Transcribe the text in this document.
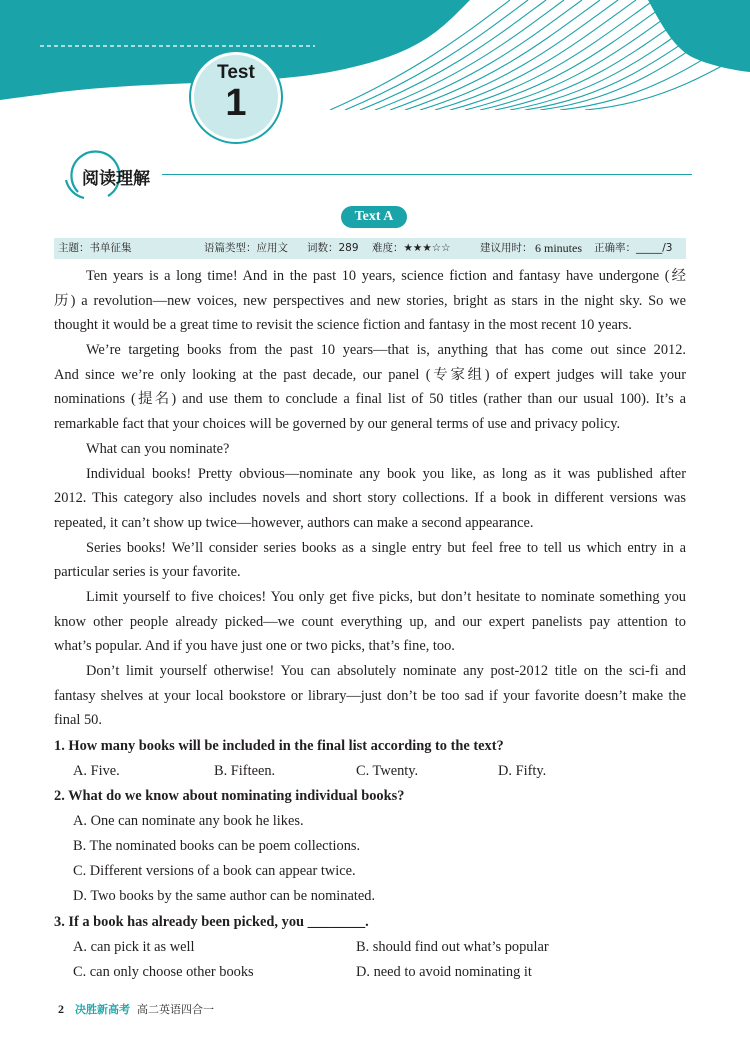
Test
1
阅读理解
Text A
主题：书单征集	语篇类型：应用文 词数：289 难度：★★★☆☆	建议用时： 6 minutes 正确率：_____/3
Ten years is a long time! And in the past 10 years, science fiction and fantasy have undergone (经
历) a revolution—new voices, new perspectives and new stories, bright as stars in the night sky. So we
thought it would be a great time to revisit the science fiction and fantasy in the most recent 10 years.
We’re targeting books from the past 10 years—that is, anything that has come out since 2012.
And since we’re only looking at the past decade, our panel (专家组) of expert judges will take your
nominations (提名) and use them to conclude a final list of 50 titles (rather than our usual 100). It’s a
remarkable fact that your choices will be governed by our general terms of use and privacy policy.
What can you nominate?
Individual books! Pretty obvious—nominate any book you like, as long as it was published after
2012. This category also includes novels and short story collections. If a book in different versions was
repeated, it can’t show up twice—however, authors can make a second appearance.
Series books! We’ll consider series books as a single entry but feel free to tell us which entry in a
particular series is your favorite.
Limit yourself to five choices! You only get five picks, but don’t hesitate to nominate something you
know other people already picked—we count everything up, and our expert panelists pay attention to
what’s popular. And if you have just one or two picks, that’s fine, too.
Don’t limit yourself otherwise! You can absolutely nominate any post-2012 title on the sci-fi and
fantasy shelves at your local bookstore or library—just don’t be too sad if your favorite doesn’t make the
final 50.
1. How many books will be included in the final list according to the text?
A. Five.	B. Fifteen.	C. Twenty.	D. Fifty.
2. What do we know about nominating individual books?
A. One can nominate any book he likes.
B. The nominated books can be poem collections.
C. Different versions of a book can appear twice.
D. Two books by the same author can be nominated.
3. If a book has already been picked, you ________.
A. can pick it as well	B. should find out what’s popular
C. can only choose other books	D. need to avoid nominating it
2 决胜新高考 高二英语四合一
